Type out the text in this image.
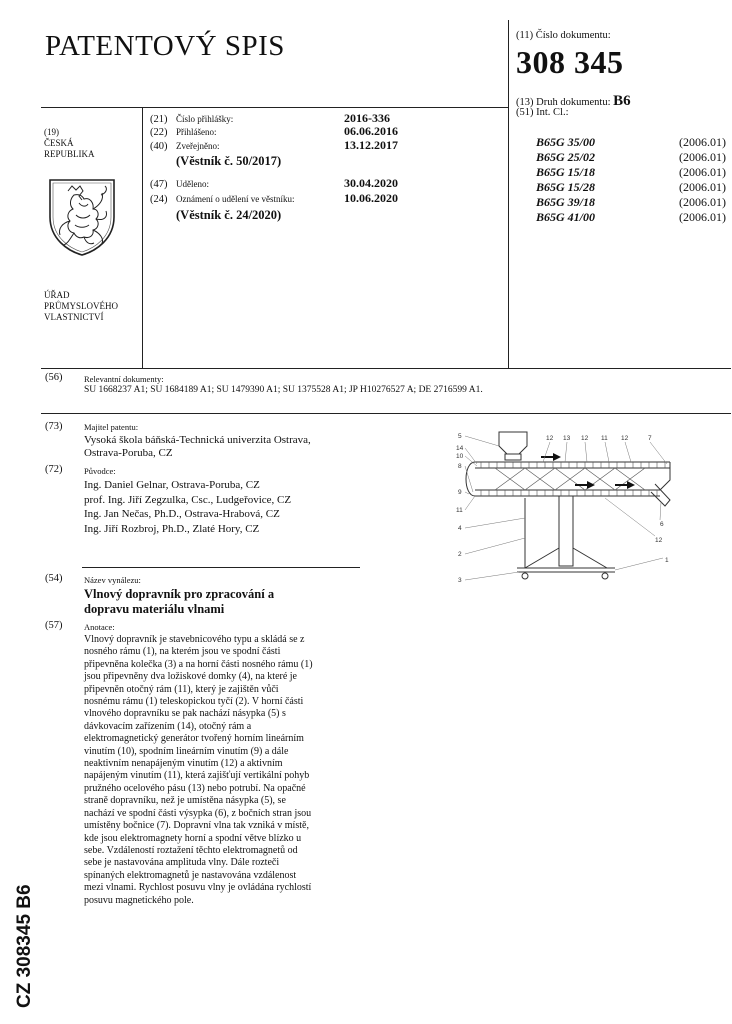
PATENTOVÝ SPIS	(11) Číslo dokumentu:
308 345
(13) Druh dokumentu: B6
(51) Int. Cl.:
(19)
ČESKÁ
REPUBLIKA
ÚŘAD
PRŮMYSLOVÉHO
VLASTNICTVÍ
(21) Číslo přihlášky:	2016-336
(22) Přihlášeno:	06.06.2016
(40) Zveřejněno:	13.12.2017
(Věstník č. 50/2017)
(47) Uděleno:	30.04.2020
(24) Oznámení o udělení ve věstníku:	10.06.2020
(Věstník č. 24/2020)
B65G 35/00	(2006.01)
B65G 25/02	(2006.01)
B65G 15/18	(2006.01)
B65G 15/28	(2006.01)
B65G 39/18	(2006.01)
B65G 41/00	(2006.01)
(56)	Relevantní dokumenty:
SU 1668237 A1; SU 1684189 A1; SU 1479390 A1; SU 1375528 A1; JP H10276527 A; DE 2716599 A1.
(73)	Majitel patentu:
Vysoká škola báňská-Technická univerzita Ostrava,
Ostrava-Poruba, CZ
(72)	Původce:
Ing. Daniel Gelnar, Ostrava-Poruba, CZ
prof. Ing. Jiří Zegzulka, Csc., Ludgeřovice, CZ
Ing. Jan Nečas, Ph.D., Ostrava-Hrabová, CZ
Ing. Jiří Rozbroj, Ph.D., Zlaté Hory, CZ
5
14
10
8
9
11
4
2
3
12 13 12 11 12	7
6
12
1
(54)	Název vynálezu:
Vlnový dopravník pro zpracování a
dopravu materiálu vlnami
(57)	Anotace:
Vlnový dopravník je stavebnicového typu a skládá se z
nosného rámu (1), na kterém jsou ve spodní části
připevněna kolečka (3) a na horní části nosného rámu (1)
jsou připevněny dva ložiskové domky (4), na které je
připevněn otočný rám (11), který je zajištěn vůči
nosnému rámu (1) teleskopickou tyčí (2). V horní části
vlnového dopravníku se pak nachází násypka (5) s
dávkovacím zařízením (14), otočný rám a
elektromagnetický generátor tvořený horním lineárním
vinutím (10), spodním lineárním vinutím (9) a dále
neaktivním nenapájeným vinutím (12) a aktivním
napájeným vinutím (11), která zajišťují vertikální pohyb
pružného ocelového pásu (13) nebo potrubí. Na opačné
straně dopravníku, než je umístěna násypka (5), se
nachází ve spodní části výsypka (6), z bočních stran jsou
umístěny bočnice (7). Dopravní vlna tak vzniká v místě,
kde jsou elektromagnety horní a spodní větve blízko u
sebe. Vzdáleností roztažení těchto elektromagnetů od
sebe je nastavována amplituda vlny. Dále rozteči
spínaných elektromagnetů je nastavována vzdálenost
mezi vlnami. Rychlost posuvu vlny je ovládána rychlostí
posuvu magnetického pole.
CZ 308345 B6
